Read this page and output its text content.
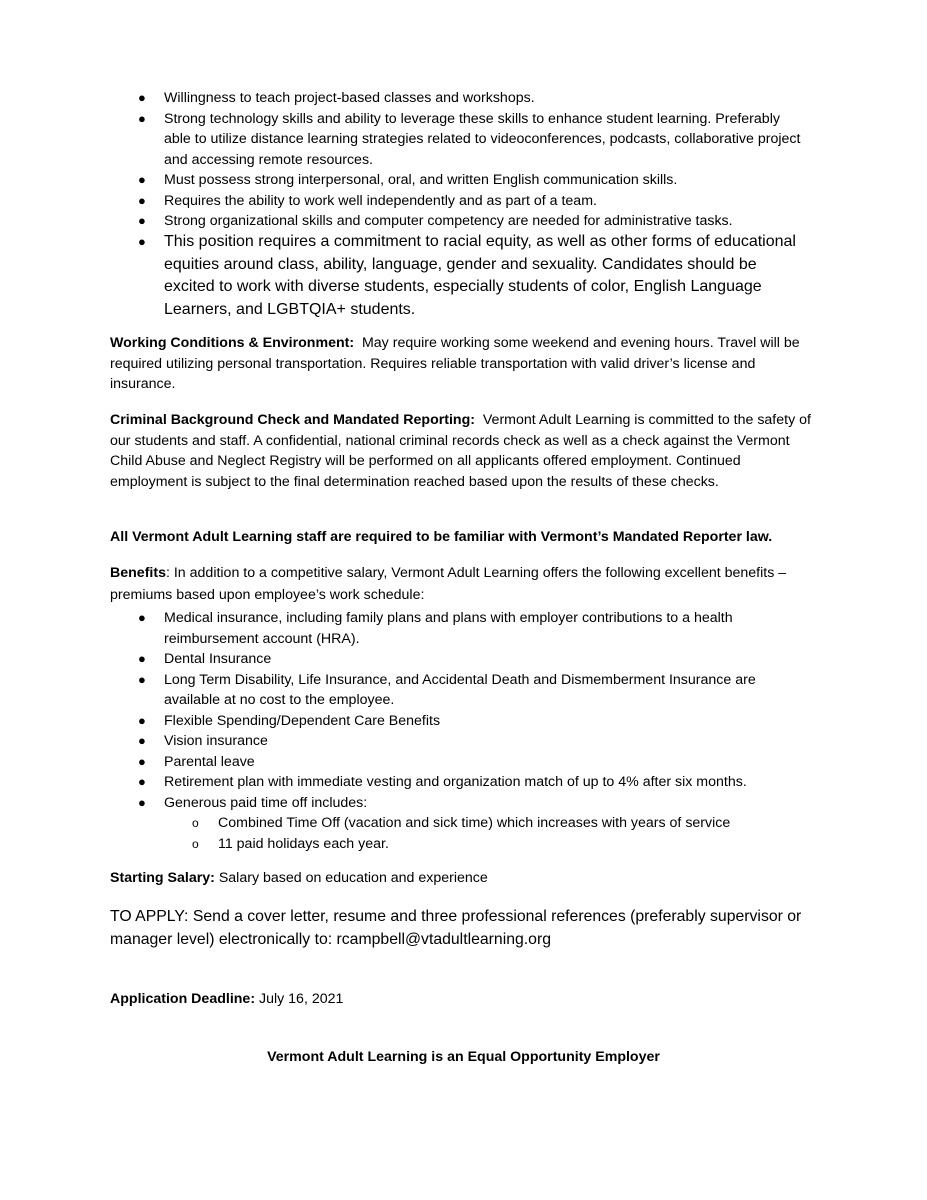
● Willingness to teach project-based classes and workshops.
● Strong technology skills and ability to leverage these skills to enhance student learning. Preferably able to utilize distance learning strategies related to videoconferences, podcasts, collaborative project and accessing remote resources.
● Must possess strong interpersonal, oral, and written English communication skills.
● Requires the ability to work well independently and as part of a team.
● Strong organizational skills and computer competency are needed for administrative tasks.
● This position requires a commitment to racial equity, as well as other forms of educational equities around class, ability, language, gender and sexuality. Candidates should be excited to work with diverse students, especially students of color, English Language Learners, and LGBTQIA+ students.

Working Conditions & Environment: May require working some weekend and evening hours. Travel will be required utilizing personal transportation. Requires reliable transportation with valid driver’s license and insurance.

Criminal Background Check and Mandated Reporting: Vermont Adult Learning is committed to the safety of our students and staff. A confidential, national criminal records check as well as a check against the Vermont Child Abuse and Neglect Registry will be performed on all applicants offered employment. Continued employment is subject to the final determination reached based upon the results of these checks.

All Vermont Adult Learning staff are required to be familiar with Vermont’s Mandated Reporter law.

Benefits: In addition to a competitive salary, Vermont Adult Learning offers the following excellent benefits – premiums based upon employee’s work schedule:

● Medical insurance, including family plans and plans with employer contributions to a health reimbursement account (HRA).
● Dental Insurance
● Long Term Disability, Life Insurance, and Accidental Death and Dismemberment Insurance are available at no cost to the employee.
● Flexible Spending/Dependent Care Benefits
● Vision insurance
● Parental leave
● Retirement plan with immediate vesting and organization match of up to 4% after six months.
● Generous paid time off includes:
o Combined Time Off (vacation and sick time) which increases with years of service
o 11 paid holidays each year.

Starting Salary: Salary based on education and experience

TO APPLY: Send a cover letter, resume and three professional references (preferably supervisor or manager level) electronically to: rcampbell@vtadultlearning.org

Application Deadline: July 16, 2021

Vermont Adult Learning is an Equal Opportunity Employer
